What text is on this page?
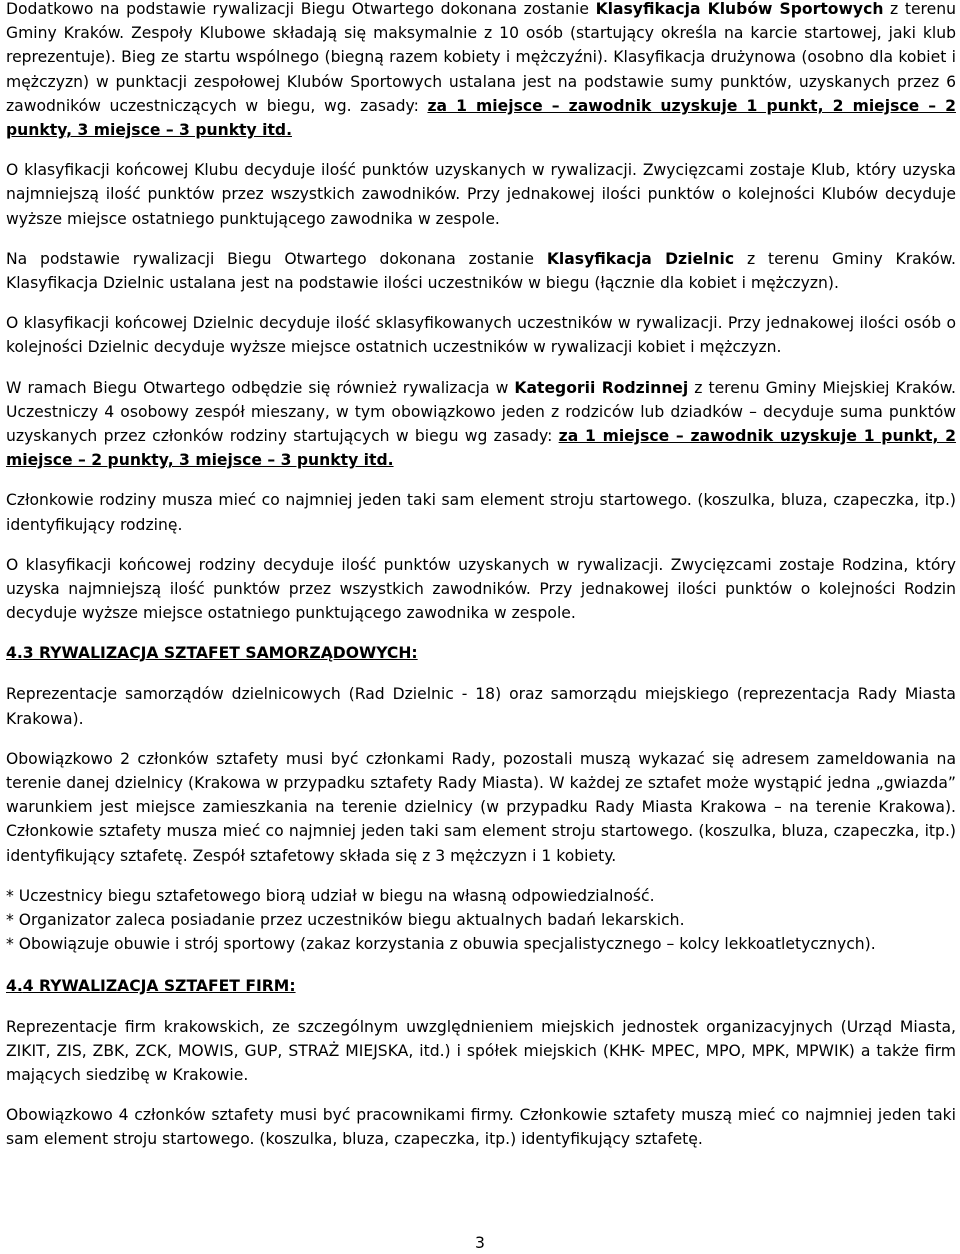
Dodatkowo na podstawie rywalizacji Biegu Otwartego dokonana zostanie Klasyfikacja Klubów Sportowych z terenu Gminy Kraków. Zespoły Klubowe składają się maksymalnie z 10 osób (startujący określa na karcie startowej, jaki klub reprezentuje). Bieg ze startu wspólnego (biegną razem kobiety i mężczyźni). Klasyfikacja drużynowa (osobno dla kobiet i mężczyzn) w punktacji zespołowej Klubów Sportowych ustalana jest na podstawie sumy punktów, uzyskanych przez 6 zawodników uczestniczących w biegu, wg. zasady: za 1 miejsce – zawodnik uzyskuje 1 punkt, 2 miejsce – 2 punkty, 3 miejsce – 3 punkty itd.

O klasyfikacji końcowej Klubu decyduje ilość punktów uzyskanych w rywalizacji. Zwycięzcami zostaje Klub, który uzyska najmniejszą ilość punktów przez wszystkich zawodników. Przy jednakowej ilości punktów o kolejności Klubów decyduje wyższe miejsce ostatniego punktującego zawodnika w zespole.

Na podstawie rywalizacji Biegu Otwartego dokonana zostanie Klasyfikacja Dzielnic z terenu Gminy Kraków. Klasyfikacja Dzielnic ustalana jest na podstawie ilości uczestników w biegu (łącznie dla kobiet i mężczyzn).

O klasyfikacji końcowej Dzielnic decyduje ilość sklasyfikowanych uczestników w rywalizacji. Przy jednakowej ilości osób o kolejności Dzielnic decyduje wyższe miejsce ostatnich uczestników w rywalizacji kobiet i mężczyzn.

W ramach Biegu Otwartego odbędzie się również rywalizacja w Kategorii Rodzinnej z terenu Gminy Miejskiej Kraków. Uczestniczy 4 osobowy zespół mieszany, w tym obowiązkowo jeden z rodziców lub dziadków – decyduje suma punktów uzyskanych przez członków rodziny startujących w biegu wg zasady: za 1 miejsce – zawodnik uzyskuje 1 punkt, 2 miejsce – 2 punkty, 3 miejsce – 3 punkty itd.

Członkowie rodziny musza mieć co najmniej jeden taki sam element stroju startowego. (koszulka, bluza, czapeczka, itp.) identyfikujący rodzinę.

O klasyfikacji końcowej rodziny decyduje ilość punktów uzyskanych w rywalizacji. Zwycięzcami zostaje Rodzina, który uzyska najmniejszą ilość punktów przez wszystkich zawodników. Przy jednakowej ilości punktów o kolejności Rodzin decyduje wyższe miejsce ostatniego punktującego zawodnika w zespole.

4.3 RYWALIZACJA SZTAFET SAMORZĄDOWYCH:

Reprezentacje samorządów dzielnicowych (Rad Dzielnic - 18) oraz samorządu miejskiego (reprezentacja Rady Miasta Krakowa).

Obowiązkowo 2 członków sztafety musi być członkami Rady, pozostali muszą wykazać się adresem zameldowania na terenie danej dzielnicy (Krakowa w przypadku sztafety Rady Miasta). W każdej ze sztafet może wystąpić jedna „gwiazda” warunkiem jest miejsce zamieszkania na terenie dzielnicy (w przypadku Rady Miasta Krakowa – na terenie Krakowa). Członkowie sztafety musza mieć co najmniej jeden taki sam element stroju startowego. (koszulka, bluza, czapeczka, itp.) identyfikujący sztafetę. Zespół sztafetowy składa się z 3 mężczyzn i 1 kobiety.

* Uczestnicy biegu sztafetowego biorą udział w biegu na własną odpowiedzialność.

* Organizator zaleca posiadanie przez uczestników biegu aktualnych badań lekarskich.

* Obowiązuje obuwie i strój sportowy (zakaz korzystania z obuwia specjalistycznego – kolcy lekkoatletycznych).

4.4 RYWALIZACJA SZTAFET FIRM:

Reprezentacje firm krakowskich, ze szczególnym uwzględnieniem miejskich jednostek organizacyjnych (Urząd Miasta, ZIKIT, ZIS, ZBK, ZCK, MOWIS, GUP, STRAŻ MIEJSKA, itd.) i spółek miejskich (KHK- MPEC, MPO, MPK, MPWIK) a także firm mających siedzibę w Krakowie.

Obowiązkowo 4 członków sztafety musi być pracownikami firmy. Członkowie sztafety muszą mieć co najmniej jeden taki sam element stroju startowego. (koszulka, bluza, czapeczka, itp.) identyfikujący sztafetę.

3
